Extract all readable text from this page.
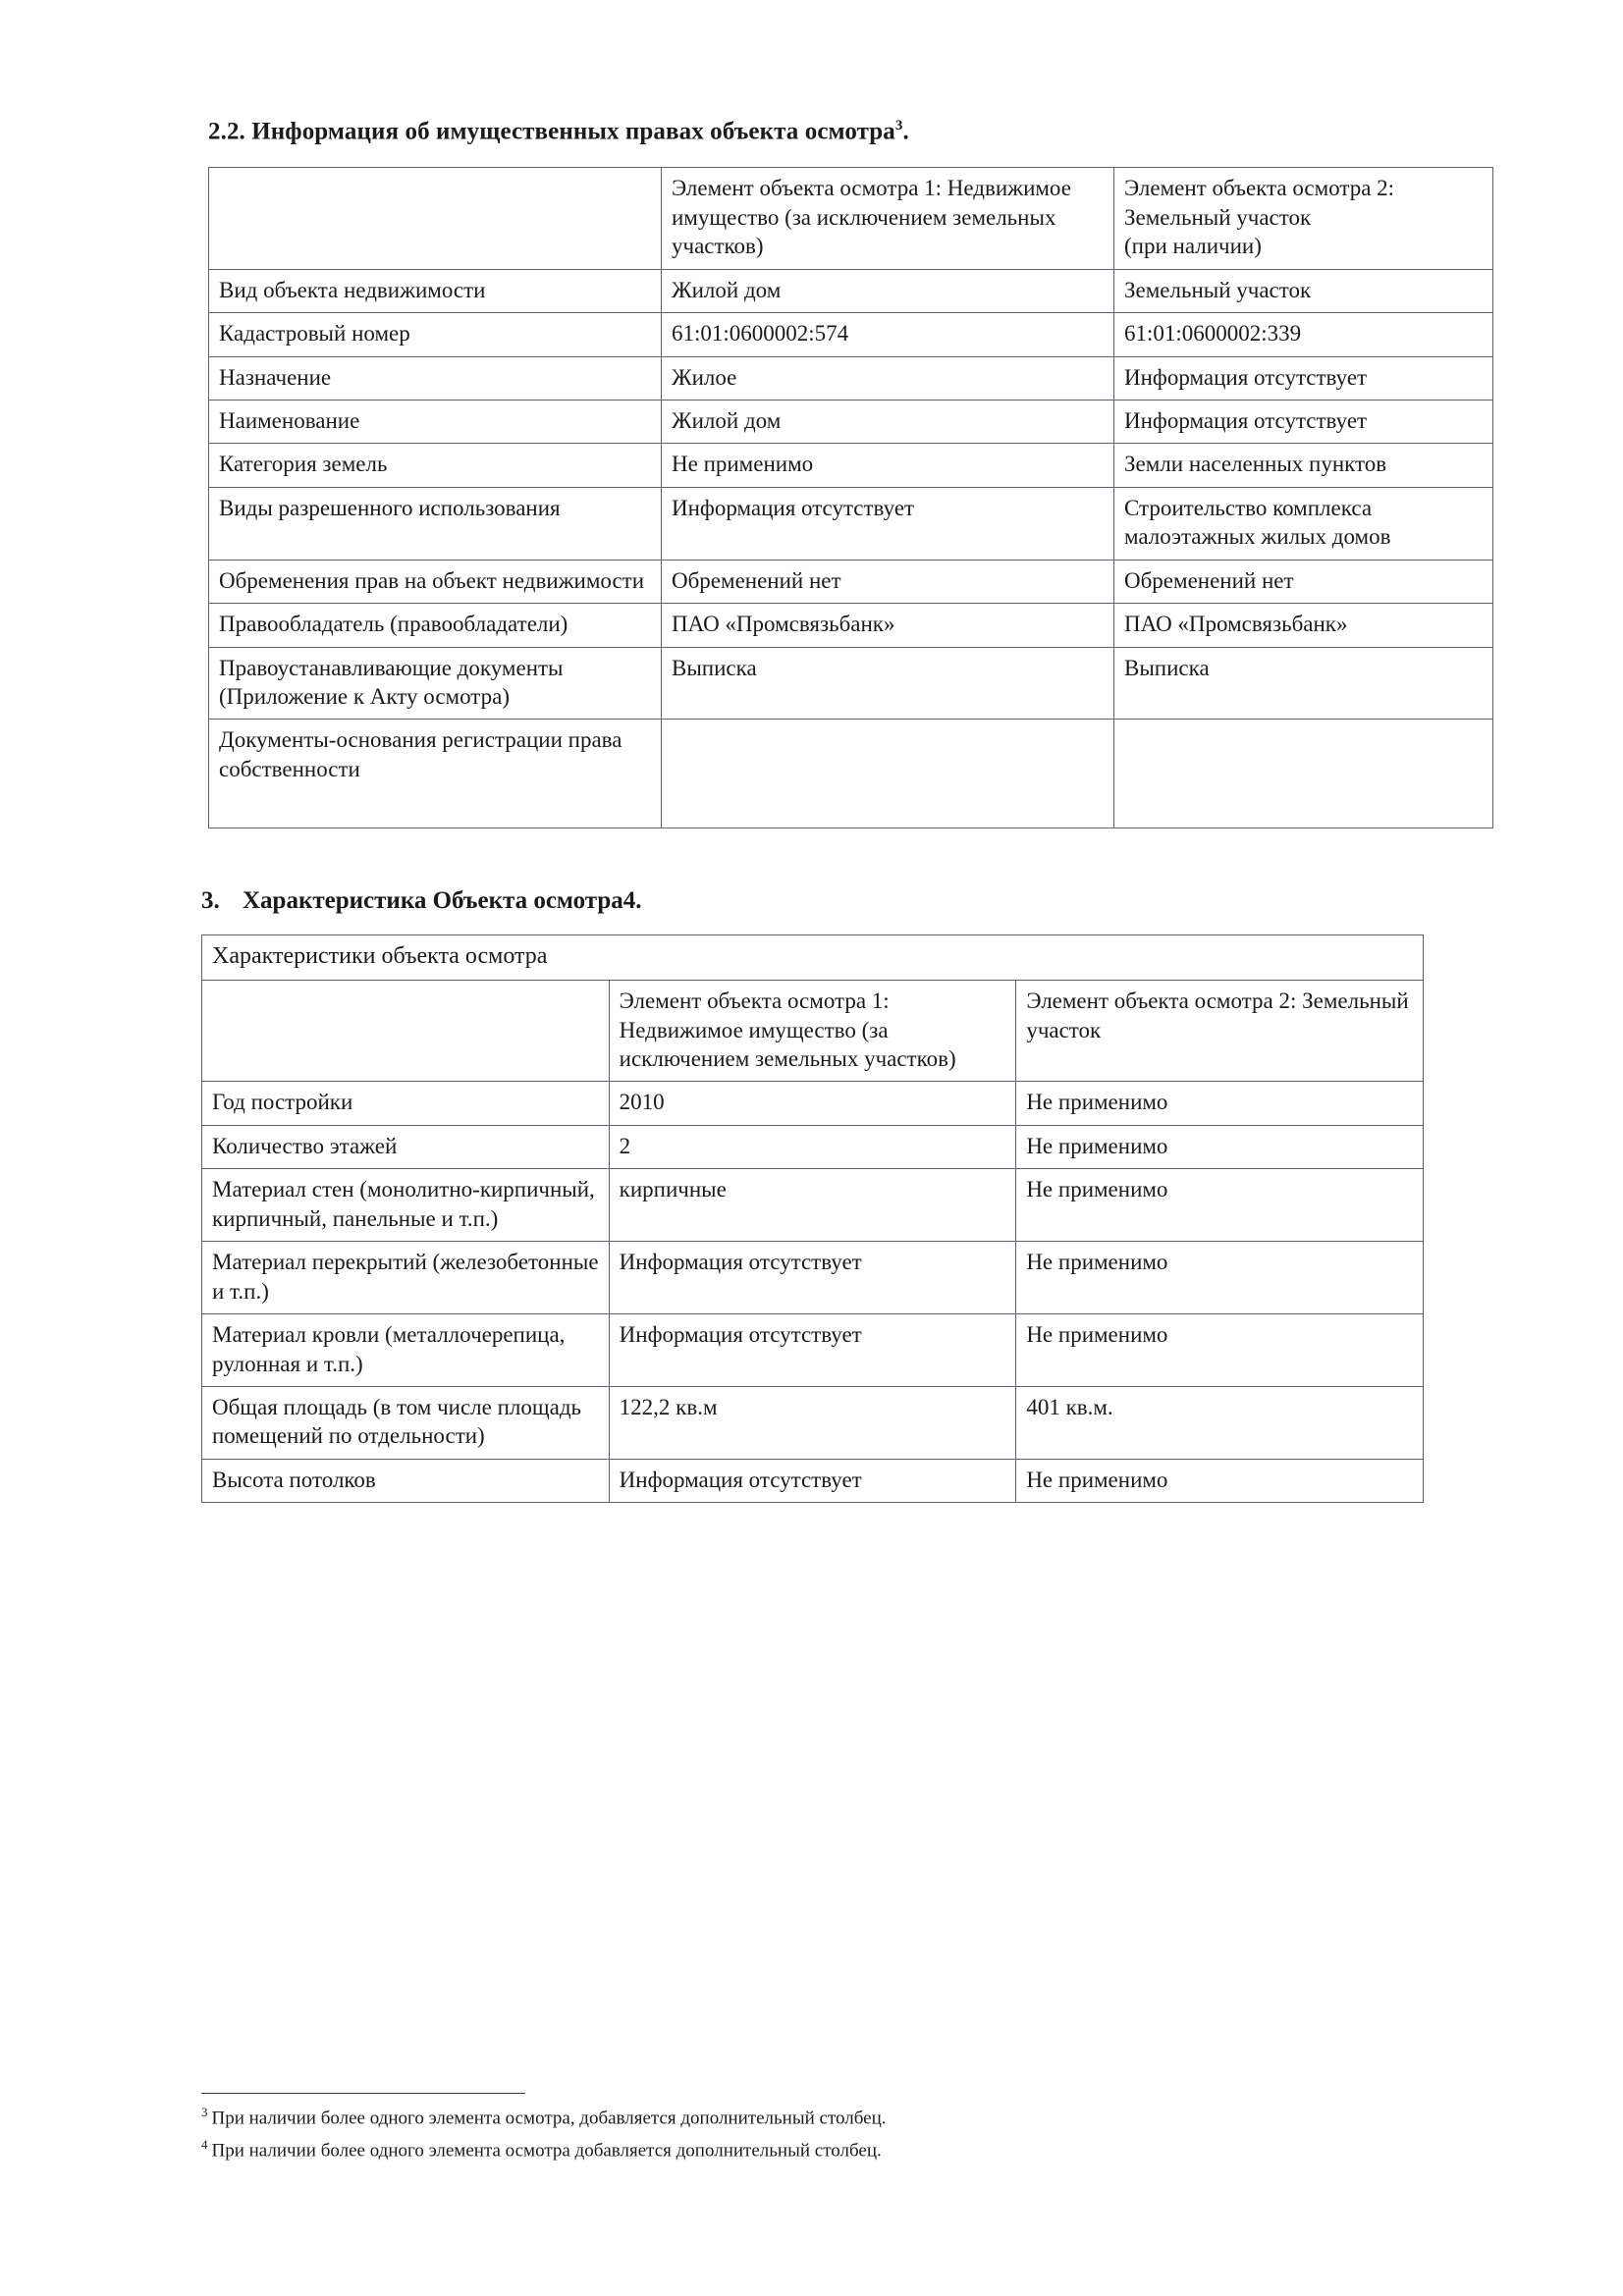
2.2. Информация об имущественных правах объекта осмотра$^3$.
	Элемент объекта осмотра 1: Недвижимое имущество (за исключением земельных участков)	Элемент объекта осмотра 2: Земельный участок
(при наличии)

Вид объекта недвижимости	Жилой дом	Земельный участок
Кадастровый номер	61:01:0600002:574	61:01:0600002:339
Назначение	Жилое	Информация отсутствует
Наименование	Жилой дом	Информация отсутствует
Категория земель	Не применимо	Земли населенных пунктов
Виды разрешенного использования	Информация отсутствует	Строительство комплекса малоэтажных жилых домов
Обременения прав на объект недвижимости	Обременений нет	Обременений нет
Правообладатель (правообладатели)	ПАО «Промсвязьбанк»	ПАО «Промсвязьбанк»
Правоустанавливающие документы (Приложение к Акту осмотра)	Выписка	Выписка
Документы-основания регистрации права собственности		
3. Характеристика Объекта осмотра4.
Характеристики объекта осмотра		
	Элемент объекта осмотра 1: Недвижимое имущество (за исключением земельных участков)	Элемент объекта осмотра 2: Земельный участок
Год постройки	2010	Не применимо
Количество этажей	2	Не применимо
Материал стен (монолитно-кирпичный, кирпичный, панельные и т.п.)	кирпичные	Не применимо
Материал перекрытий (железобетонные и т.п.)	Информация отсутствует	Не применимо
Материал кровли (металлочерепица, рулонная и т.п.)	Информация отсутствует	Не применимо
Общая площадь (в том числе площадь помещений по отдельности)	122,2 кв.м	401 кв.м.
Высота потолков	Информация отсутствует	Не применимо

$^3$ При наличии более одного элемента осмотра, добавляется дополнительный столбец.

$^4$ При наличии более одного элемента осмотра добавляется дополнительный столбец.
